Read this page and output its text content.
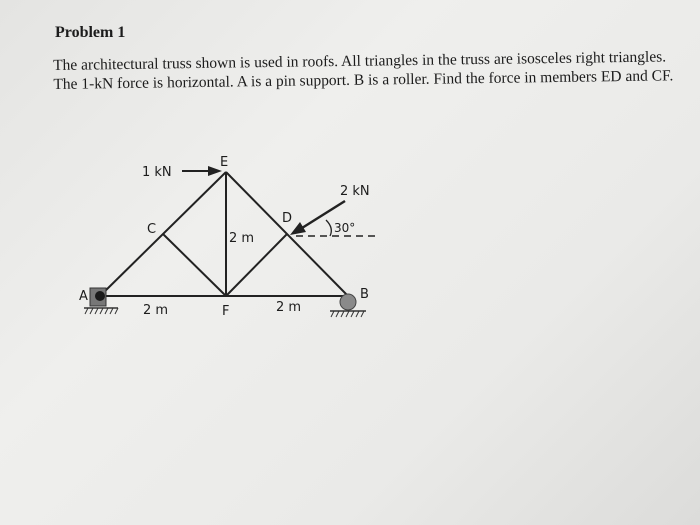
Problem 1
The architectural truss shown is used in roofs. All triangles in the truss are isosceles right triangles. The 1-kN force is horizontal. A is a pin support. B is a roller. Find the force in members ED and CF.
A	B
C
D
E
F
1 kN
2 kN
30°
2 m
2 m	2 m
